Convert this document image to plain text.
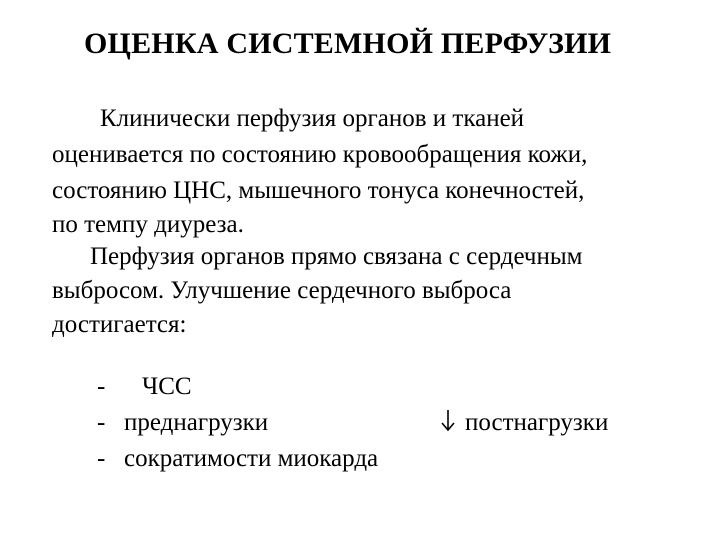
ОЦЕНКА СИСТЕМНОЙ ПЕРФУЗИИ
Клинически перфузия органов и тканей
оценивается по состоянию кровообращения кожи,
состоянию ЦНС, мышечного тонуса конечностей,
по темпу диуреза.
Перфузия органов прямо связана с сердечным
выбросом. Улучшение сердечного выброса
достигается:
- ЧСС
- преднагрузки	постнагрузки
- сократимости миокарда
